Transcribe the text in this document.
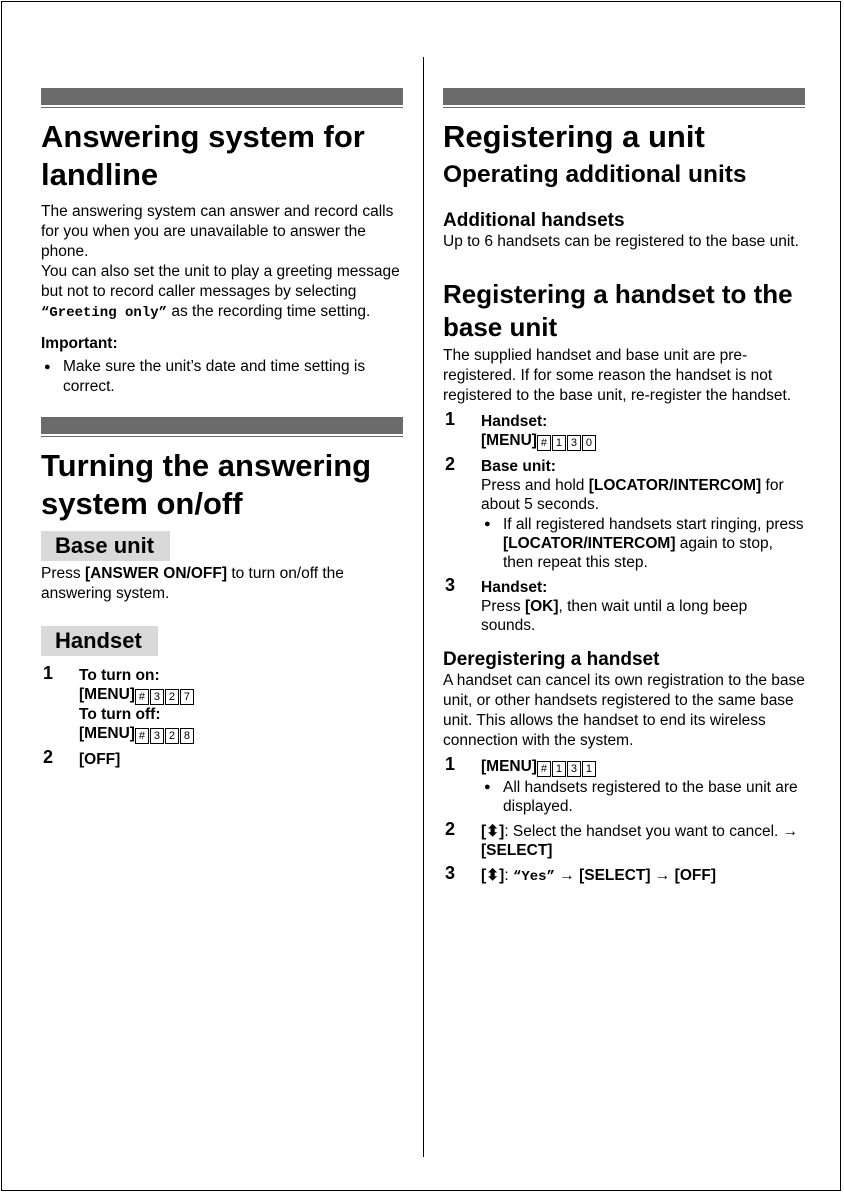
Answering system for landline

The answering system can answer and record calls for you when you are unavailable to answer the phone.

You can also set the unit to play a greeting message but not to record caller messages by selecting “Greeting only” as the recording time setting.

Important:
● Make sure the unit’s date and time setting is correct.
Turning the answering system on/off
Base unit

Press [ANSWER ON/OFF] to turn on/off the answering system.

Handset
1 To turn on:
[MENU] # 3 2 7
To turn off:
[MENU] # 3 2 8
2 [OFF]
Registering a unit
Operating additional units
Additional handsets

Up to 6 handsets can be registered to the base unit.

Registering a handset to the base unit

The supplied handset and base unit are pre-registered. If for some reason the handset is not registered to the base unit, re-register the handset.

1 Handset:
[MENU] # 1 3 0
2 Base unit:
Press and hold [LOCATOR/INTERCOM] for about 5 seconds.
● If all registered handsets start ringing, press [LOCATOR/INTERCOM] again to stop, then repeat this step.
3 Handset:
Press [OK], then wait until a long beep sounds.
Deregistering a handset

A handset can cancel its own registration to the base unit, or other handsets registered to the same base unit. This allows the handset to end its wireless connection with the system.

1 [MENU] # 1 3 1
● All handsets registered to the base unit are displayed.
2 [⬍]: Select the handset you want to cancel. → [SELECT]
3 [⬍]: “Yes” → [SELECT] → [OFF]
